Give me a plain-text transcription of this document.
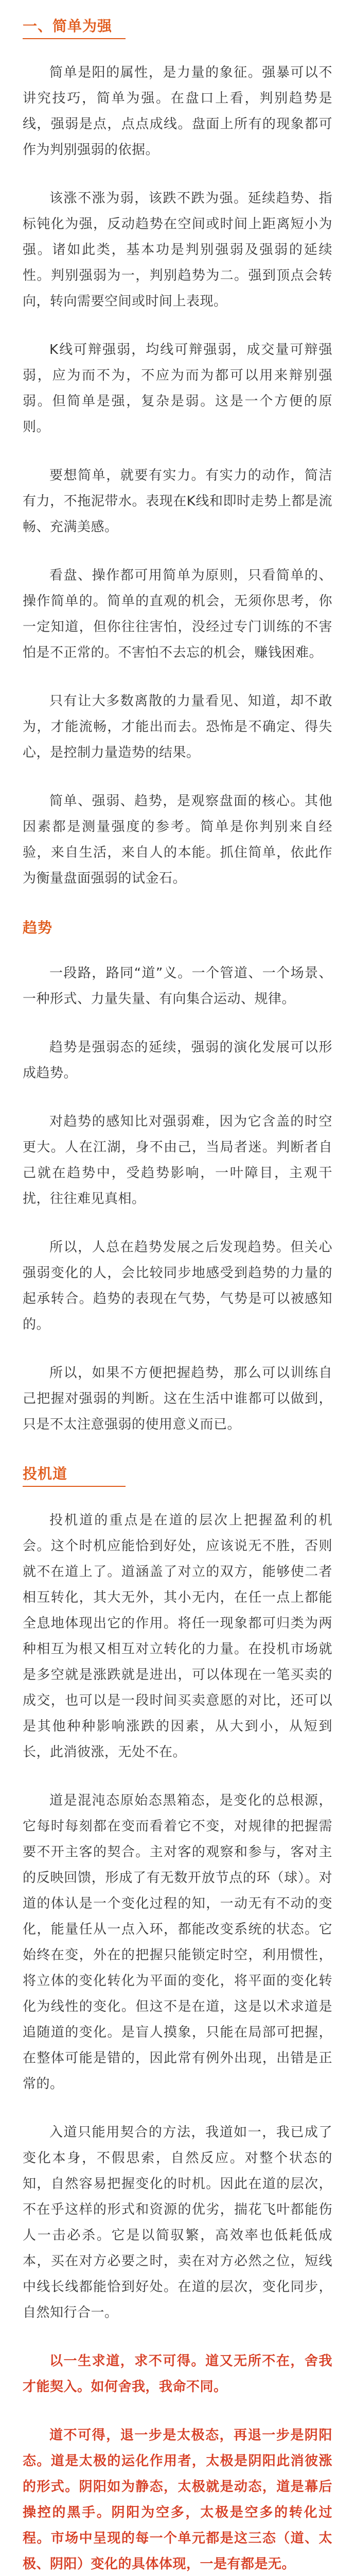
一、简单为强

简单是阳的属性，是力量的象征。强暴可以不讲究技巧，简单为强。在盘口上看，判别趋势是线，强弱是点，点点成线。盘面上所有的现象都可作为判别强弱的依据。

该涨不涨为弱，该跌不跌为强。延续趋势、指标钝化为强，反动趋势在空间或时间上距离短小为强。诸如此类，基本功是判别强弱及强弱的延续性。判别强弱为一，判别趋势为二。强到顶点会转向，转向需要空间或时间上表现。

K线可辩强弱，均线可辩强弱，成交量可辩强弱，应为而不为，不应为而为都可以用来辩别强弱。但简单是强，复杂是弱。这是一个方便的原则。

要想简单，就要有实力。有实力的动作，简洁有力，不拖泥带水。表现在K线和即时走势上都是流畅、充满美感。

看盘、操作都可用简单为原则，只看简单的、操作简单的。简单的直观的机会，无须你思考，你一定知道，但你往往害怕，没经过专门训练的不害怕是不正常的。不害怕不去忘的机会，赚钱困难。

只有让大多数离散的力量看见、知道，却不敢为，才能流畅，才能出而去。恐怖是不确定、得失心，是控制力量造势的结果。

简单、强弱、趋势，是观察盘面的核心。其他因素都是测量强度的参考。简单是你判别来自经验，来自生活，来自人的本能。抓住简单，依此作为衡量盘面强弱的试金石。

趋势

一段路，路同“道”义。一个管道、一个场景、一种形式、力量失量、有向集合运动、规律。

趋势是强弱态的延续，强弱的演化发展可以形成趋势。

对趋势的感知比对强弱难，因为它含盖的时空更大。人在江湖，身不由己，当局者迷。判断者自己就在趋势中，受趋势影响，一叶障目，主观干扰，往往难见真相。

所以，人总在趋势发展之后发现趋势。但关心强弱变化的人，会比较同步地感受到趋势的力量的起承转合。趋势的表现在气势，气势是可以被感知的。

所以，如果不方便把握趋势，那么可以训练自己把握对强弱的判断。这在生活中谁都可以做到，只是不太注意强弱的使用意义而已。

投机道

投机道的重点是在道的层次上把握盈利的机会。这个时机应能恰到好处，应该说无不胜，否则就不在道上了。道涵盖了对立的双方，能够使二者相互转化，其大无外，其小无内，在任一点上都能全息地体现出它的作用。将任一现象都可归类为两种相互为根又相互对立转化的力量。在投机市场就是多空就是涨跌就是进出，可以体现在一笔买卖的成交，也可以是一段时间买卖意愿的对比，还可以是其他种种影响涨跌的因素，从大到小，从短到长，此消彼涨，无处不在。

道是混沌态原始态黑箱态，是变化的总根源，它每时每刻都在变而看着它不变，对规律的把握需要不开主客的契合。主对客的观察和参与，客对主的反映回馈，形成了有无数开放节点的环（球）。对道的体认是一个变化过程的知，一动无有不动的变化，能量任从一点入环，都能改变系统的状态。它始终在变，外在的把握只能锁定时空，利用惯性，将立体的变化转化为平面的变化，将平面的变化转化为线性的变化。但这不是在道，这是以术求道是追随道的变化。是盲人摸象，只能在局部可把握，在整体可能是错的，因此常有例外出现，出错是正常的。

入道只能用契合的方法，我道如一，我已成了变化本身，不假思索，自然反应。对整个状态的知，自然容易把握变化的时机。因此在道的层次，不在乎这样的形式和资源的优劣，揣花飞叶都能伤人一击必杀。它是以简驭繁，高效率也低耗低成本，买在对方必要之时，卖在对方必然之位，短线中线长线都能恰到好处。在道的层次，变化同步，自然知行合一。

以一生求道，求不可得。道又无所不在，舍我才能契入。如何舍我，我命不同。

道不可得，退一步是太极态，再退一步是阴阳态。道是太极的运化作用者，太极是阴阳此消彼涨的形式。阴阳如为静态，太极就是动态，道是幕后操控的黑手。阴阳为空多，太极是空多的转化过程。市场中呈现的每一个单元都是这三态（道、太极、阴阳）变化的具体体现，一是有都是无。
